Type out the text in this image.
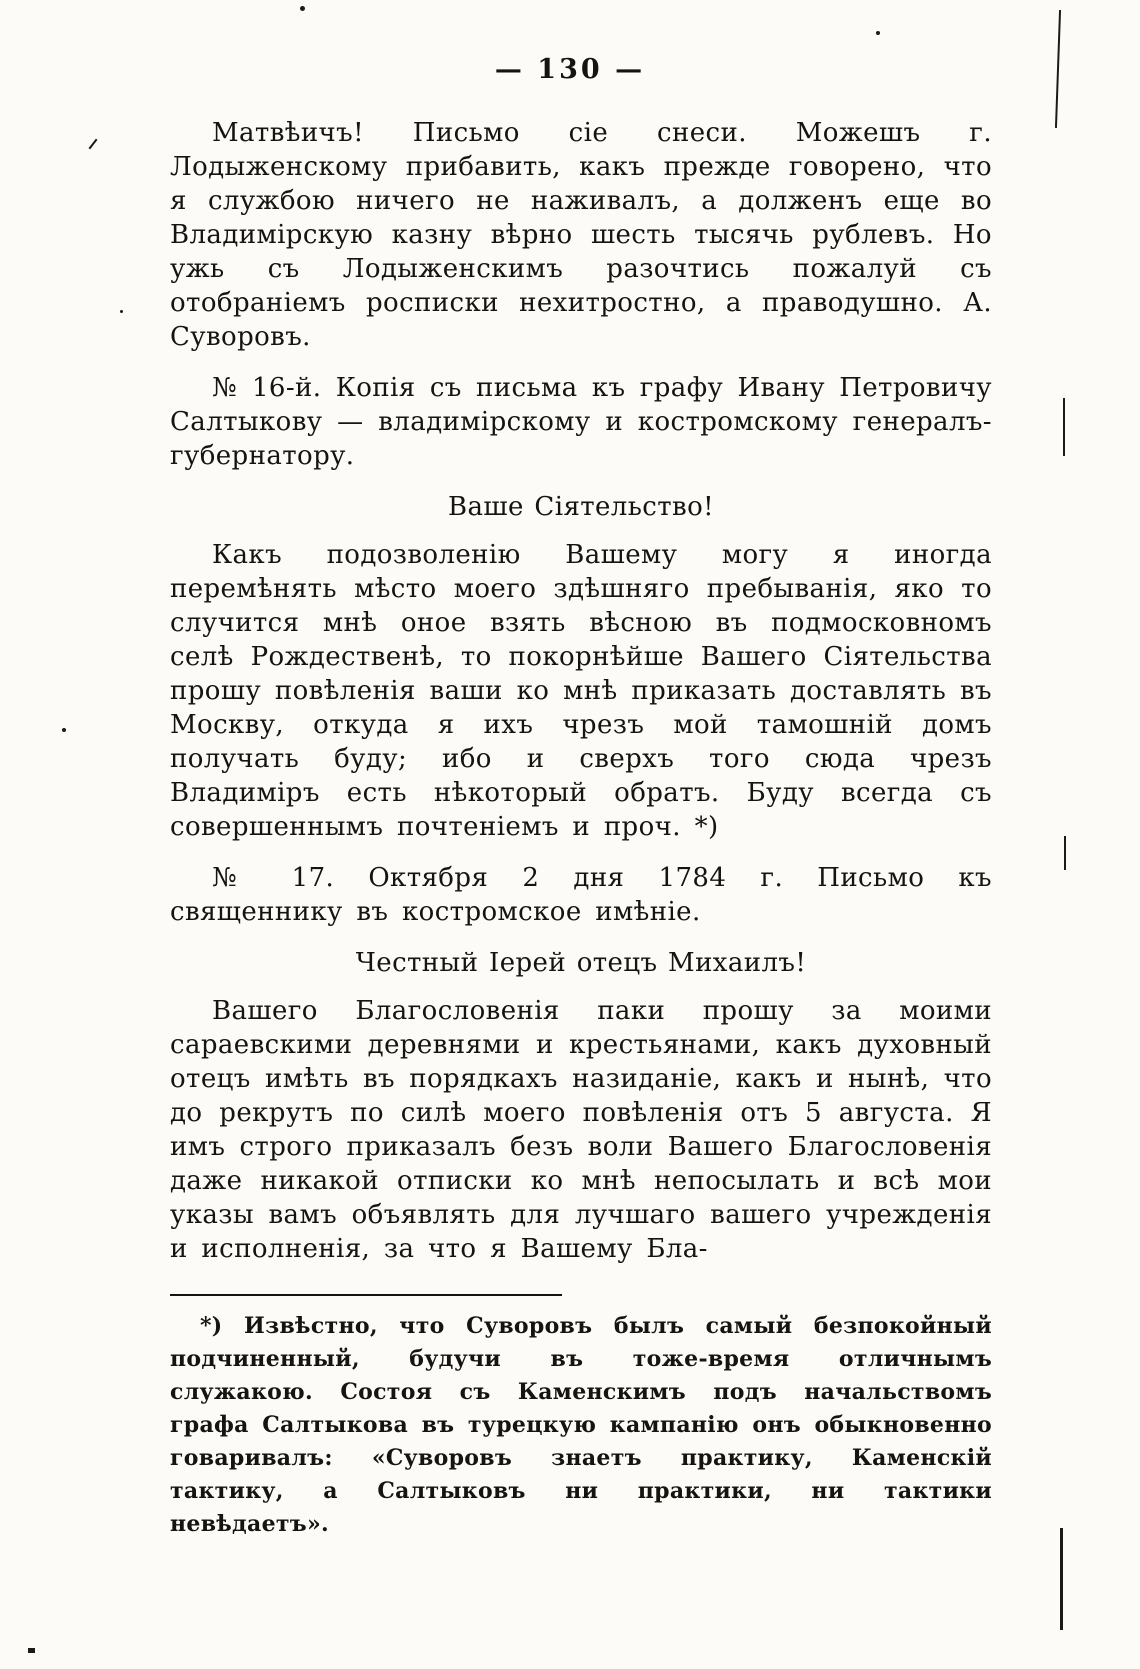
— 130 —

Матвѣичъ! Письмо сіе снеси. Можешъ г. Лодыженскому прибавить, какъ прежде говорено, что я службою ничего не наживалъ, а долженъ еще во Владимірскую казну вѣрно шесть тысячь рублевъ. Но ужь съ Лодыженскимъ разочтись пожалуй съ отобраніемъ росписки нехитростно, а праводушно. А. Суворовъ.

№ 16-й. Копія съ письма къ графу Ивану Петровичу Салтыкову — владимірскому и костромскому генералъ-губернатору.

Ваше Сіятельство!

Какъ подозволенію Вашему могу я иногда перемѣнять мѣсто моего здѣшняго пребыванія, яко то случится мнѣ оное взять вѣсною въ подмосковномъ селѣ Рождественѣ, то покорнѣйше Вашего Сіятельства прошу повѣленія ваши ко мнѣ приказать доставлять въ Москву, откуда я ихъ чрезъ мой тамошній домъ получать буду; ибо и сверхъ того сюда чрезъ Владиміръ есть нѣкоторый обратъ. Буду всегда съ совершеннымъ почтеніемъ и проч. *)

№ 17. Октября 2 дня 1784 г. Письмо къ священнику въ костромское имѣніе.

Честный Іерей отецъ Михаилъ!

Вашего Благословенія паки прошу за моими сараевскими деревнями и крестьянами, какъ духовный отецъ имѣть въ порядкахъ назиданіе, какъ и нынѣ, что до рекрутъ по силѣ моего повѣленія отъ 5 августа. Я имъ строго приказалъ безъ воли Вашего Благословенія даже никакой отписки ко мнѣ непосылать и всѣ мои указы вамъ объявлять для лучшаго вашего учрежденія и исполненія, за что я Вашему Бла-

*) Извѣстно, что Суворовъ былъ самый безпокойный подчиненный, будучи въ тоже-время отличнымъ служакою. Состоя съ Каменскимъ подъ начальствомъ графа Салтыкова въ турецкую кампанію онъ обыкновенно говаривалъ: «Суворовъ знаетъ практику, Каменскій тактику, а Салтыковъ ни практики, ни тактики невѣдаетъ».
